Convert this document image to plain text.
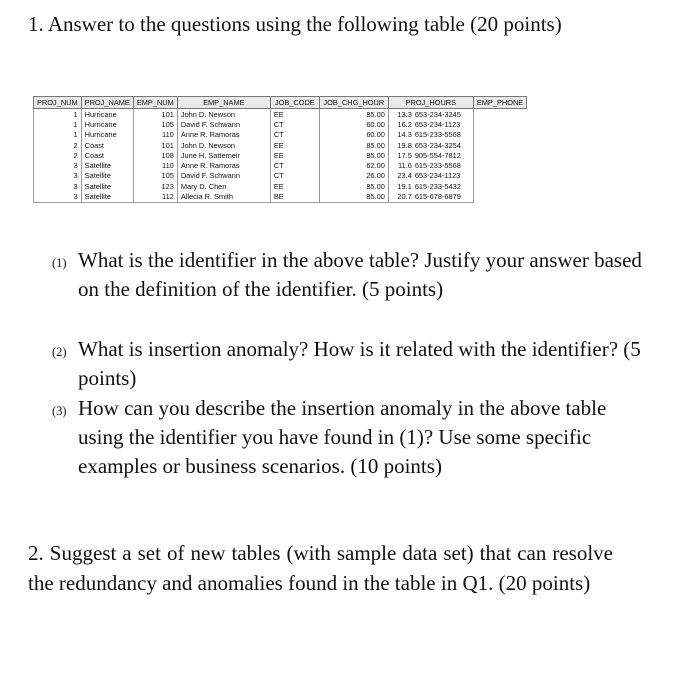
1. Answer to the questions using the following table (20 points)
PROJ_NUM	PROJ_NAME	EMP_NUM	EMP_NAME	JOB_CODE	JOB_CHG_HOUR	PROJ_HOURS	EMP_PHONE
1	Hurricane	101	John D. Newson	EE	85.00	13.3 653-234-3245	
1	Hurricane	105	David F. Schwann	CT	60.00	16.2 653-234-1123	
1	Hurricane	110	Anne R. Ramoras	CT	60.00	14.3 615-233-5568	
2	Coast	101	John D. Newson	EE	85.00	19.8 653-234-3254	
2	Coast	108	June H. Sattemeir	EE	85.00	17.5 905-554-7812	
3	Satellite	110	Anne R. Ramoras	CT	62.00	11.6 615-233-5568	
3	Satellite	105	David F. Schwann	CT	26.00	23.4 653-234-1123	
3	Satellite	123	Mary D. Chen	EE	85.00	19.1 615-233-5432	
3	Satellite	112	Allecia R. Smith	BE	85.00	20.7 615-678-6879	
(1) What is the identifier in the above table? Justify your answer based on the definition of the identifier. (5 points)
(2) What is insertion anomaly? How is it related with the identifier? (5 points)
(3) How can you describe the insertion anomaly in the above table using the identifier you have found in (1)? Use some specific examples or business scenarios. (10 points)
2. Suggest a set of new tables (with sample data set) that can resolve the redundancy and anomalies found in the table in Q1. (20 points)
